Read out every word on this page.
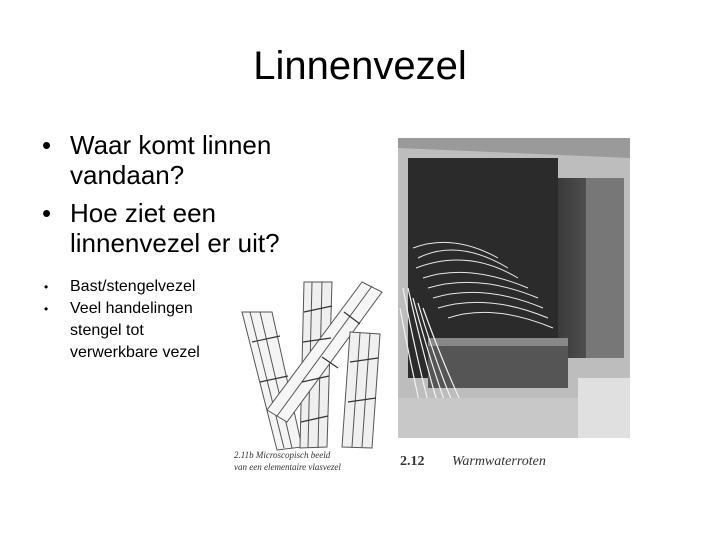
Linnenvezel
• Waar komt linnen vandaan?
• Hoe ziet een linnenvezel er uit?
• Bast/stengelvezel
• Veel handelingen
stengel tot
verwerkbare vezel
2.11b Microscopisch beeld
van een elementaire vlasvezel	2.12 Warmwaterroten
